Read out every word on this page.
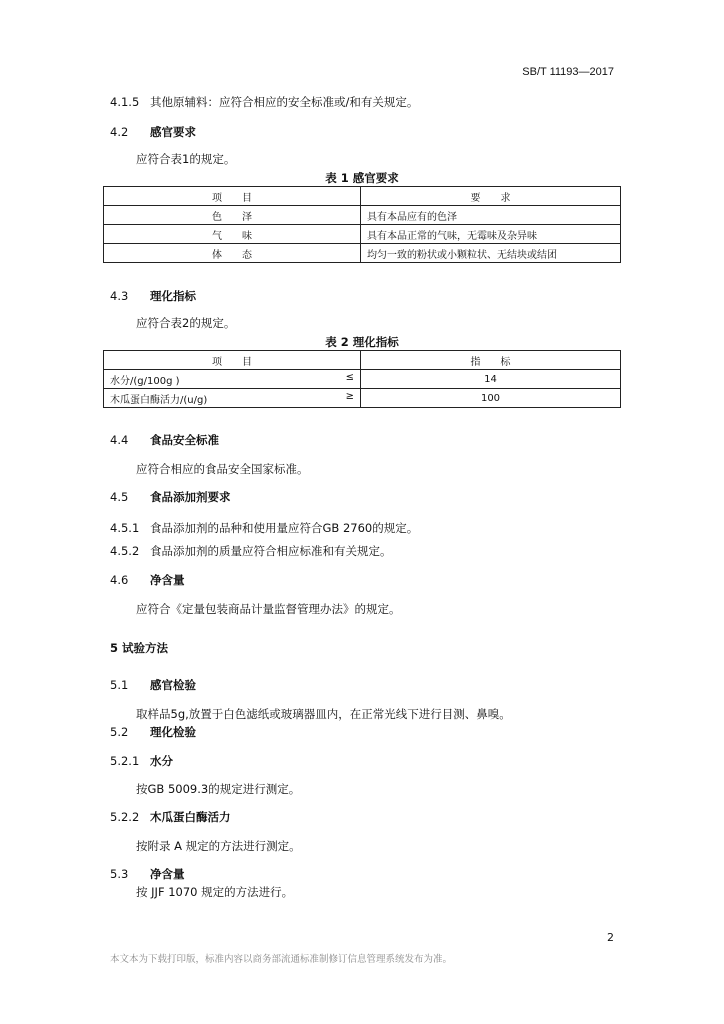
SB/T 11193—2017
4.1.5 其他原辅料：应符合相应的安全标准或/和有关规定。
4.2 感官要求
应符合表1的规定。
表 1 感官要求
项　　目	要　　求
色　　泽	具有本品应有的色泽
气　　味	具有本品正常的气味，无霉味及杂异味
体　　态	均匀一致的粉状或小颗粒状、无结块或结团
4.3 理化指标
应符合表2的规定。
表 2 理化指标
项　　目	指　　标
水分/(g/100g ) ≤	14
木瓜蛋白酶活力/(u/g) ≥	100
4.4 食品安全标准
应符合相应的食品安全国家标准。
4.5 食品添加剂要求
4.5.1 食品添加剂的品种和使用量应符合GB 2760的规定。
4.5.2 食品添加剂的质量应符合相应标准和有关规定。
4.6 净含量
应符合《定量包装商品计量监督管理办法》的规定。
5 试验方法
5.1 感官检验
取样品5g,放置于白色滤纸或玻璃器皿内，在正常光线下进行目测、鼻嗅。
5.2 理化检验
5.2.1 水分
按GB 5009.3的规定进行测定。
5.2.2 木瓜蛋白酶活力
按附录 A 规定的方法进行测定。
5.3 净含量
按 JJF 1070 规定的方法进行。
2
本文本为下载打印版，标准内容以商务部流通标准制修订信息管理系统发布为准。
